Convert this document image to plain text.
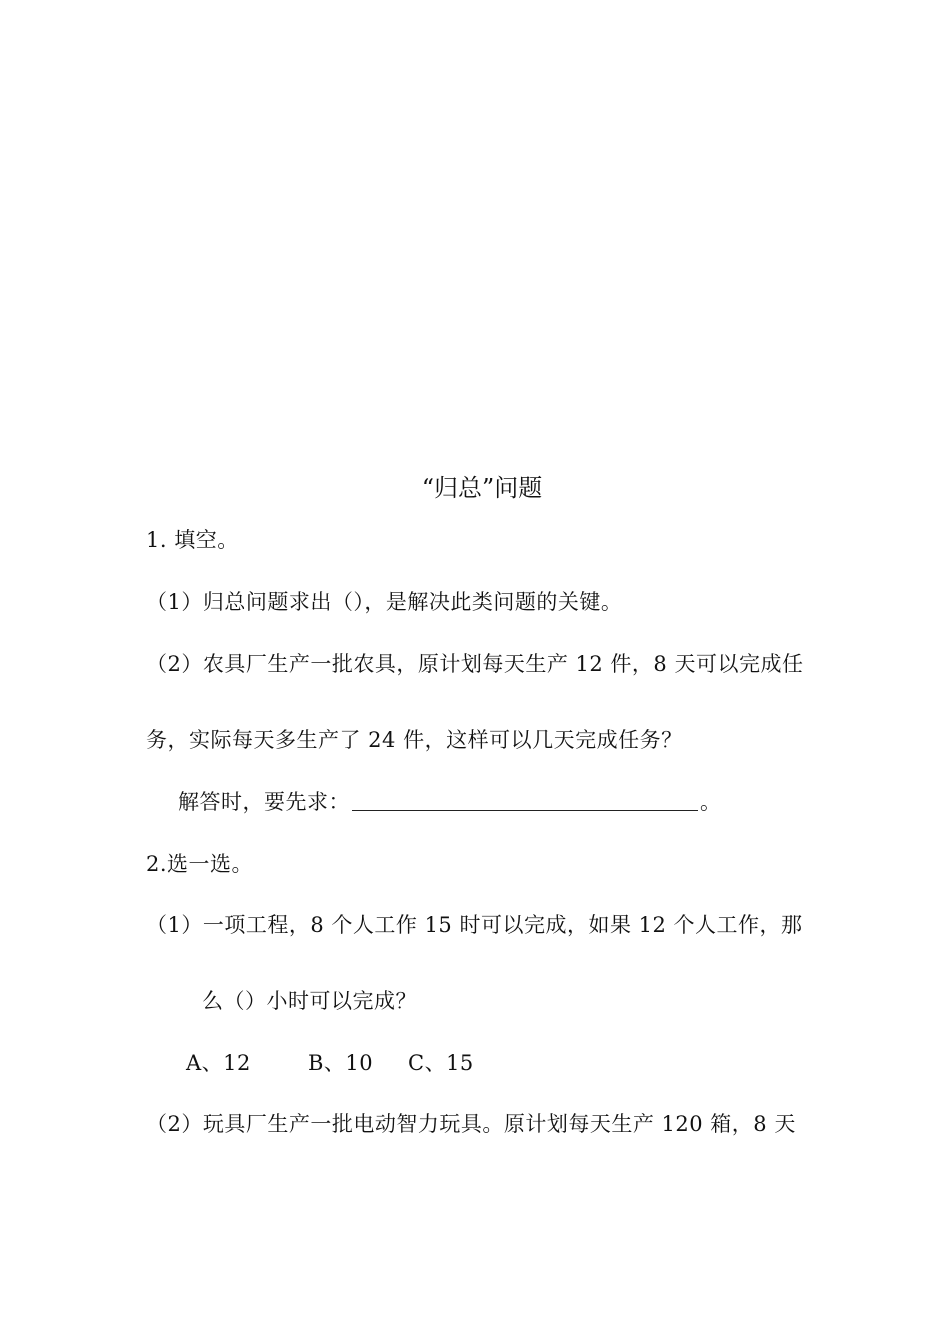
“归总”问题
1. 填空。
（1）归总问题求出（），是解决此类问题的关键。
（2）农具厂生产一批农具，原计划每天生产 12 件，8 天可以完成任
务，实际每天多生产了 24 件，这样可以几天完成任务？
解答时，要先求：	。
2.选一选。
（1）一项工程，8 个人工作 15 时可以完成，如果 12 个人工作，那
么（）小时可以完成？
A、12	B、10 C、15
（2）玩具厂生产一批电动智力玩具。原计划每天生产 120 箱，8 天
